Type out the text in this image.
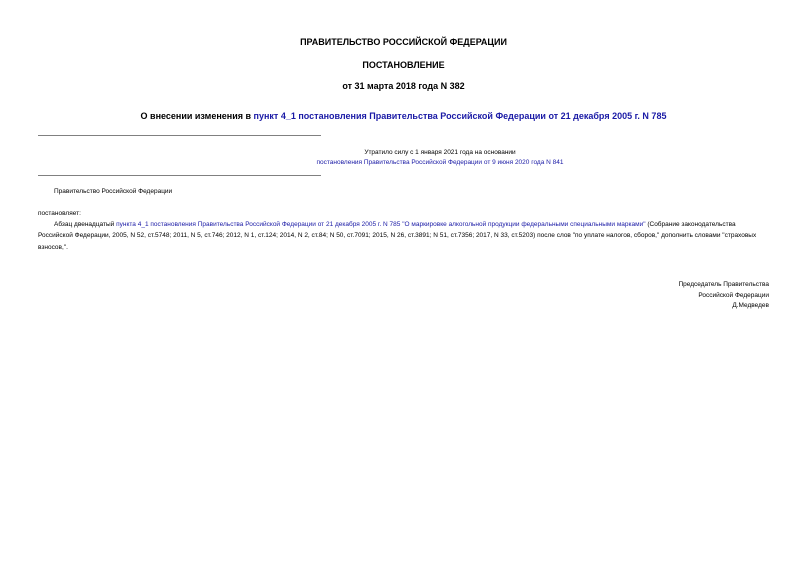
ПРАВИТЕЛЬСТВО РОССИЙСКОЙ ФЕДЕРАЦИИ
ПОСТАНОВЛЕНИЕ
от 31 марта 2018 года N 382
О внесении изменения в пункт 4_1 постановления Правительства Российской Федерации от 21 декабря 2005 г. N 785
Утратило силу с 1 января 2021 года на основании
постановления Правительства Российской Федерации от 9 июня 2020 года N 841
Правительство Российской Федерации
постановляет:
Абзац двенадцатый пункта 4_1 постановления Правительства Российской Федерации от 21 декабря 2005 г. N 785 "О маркировке алкогольной продукции федеральными специальными марками" (Собрание законодательства Российской Федерации, 2005, N 52, ст.5748; 2011, N 5, ст.746; 2012, N 1, ст.124; 2014, N 2, ст.84; N 50, ст.7091; 2015, N 26, ст.3891; N 51, ст.7356; 2017, N 33, ст.5203) после слов "по уплате налогов, сборов," дополнить словами "страховых взносов,".
Председатель Правительства
Российской Федерации
Д.Медведев
